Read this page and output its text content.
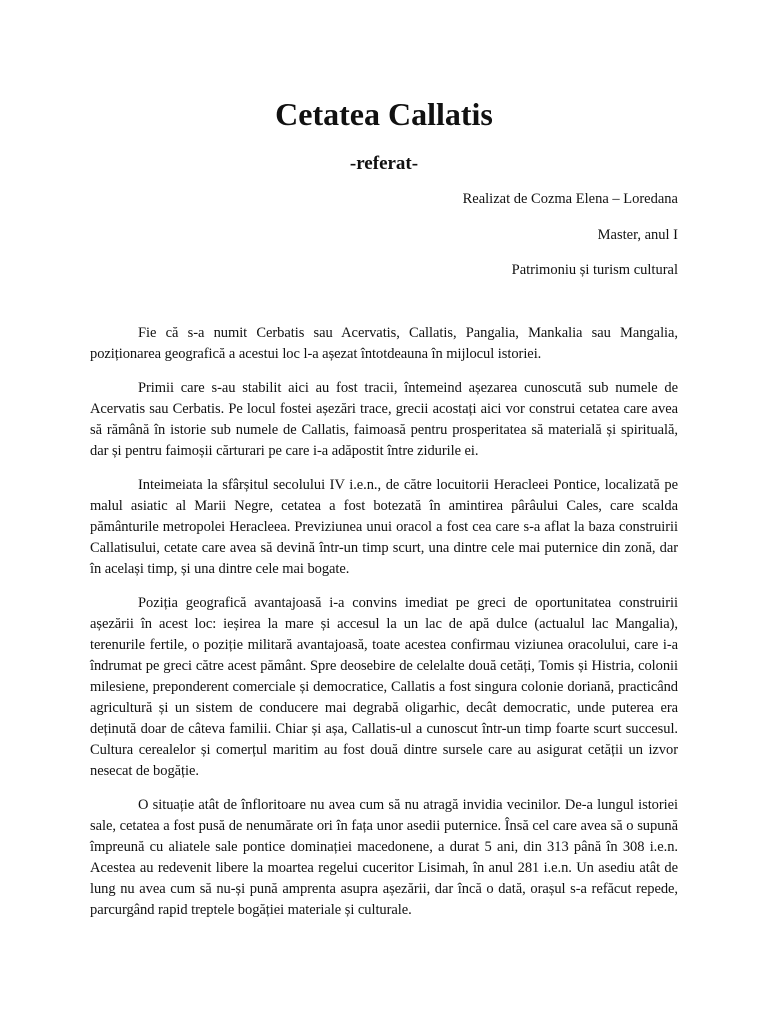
Cetatea Callatis
-referat-
Realizat de Cozma Elena – Loredana
Master, anul I
Patrimoniu și turism cultural

Fie că s-a numit Cerbatis sau Acervatis, Callatis, Pangalia, Mankalia sau Mangalia, poziționarea geografică a acestui loc l-a așezat întotdeauna în mijlocul istoriei.

Primii care s-au stabilit aici au fost tracii, întemeind așezarea cunoscută sub numele de Acervatis sau Cerbatis. Pe locul fostei așezări trace, grecii acostați aici vor construi cetatea care avea să rămână în istorie sub numele de Callatis, faimoasă pentru prosperitatea să materială și spirituală, dar și pentru faimoșii cărturari pe care i-a adăpostit între zidurile ei.

Inteimeiata la sfârșitul secolului IV i.e.n., de către locuitorii Heracleei Pontice, localizată pe malul asiatic al Marii Negre, cetatea a fost botezată în amintirea pârâului Cales, care scalda pământurile metropolei Heracleea. Previziunea unui oracol a fost cea care s-a aflat la baza construirii Callatisului, cetate care avea să devină într-un timp scurt, una dintre cele mai puternice din zonă, dar în același timp, și una dintre cele mai bogate.

Poziția geografică avantajoasă i-a convins imediat pe greci de oportunitatea construirii așezării în acest loc: ieșirea la mare și accesul la un lac de apă dulce (actualul lac Mangalia), terenurile fertile, o poziție militară avantajoasă, toate acestea confirmau viziunea oracolului, care i-a îndrumat pe greci către acest pământ. Spre deosebire de celelalte două cetăți, Tomis și Histria, colonii milesiene, preponderent comerciale și democratice, Callatis a fost singura colonie doriană, practicând agricultură și un sistem de conducere mai degrabă oligarhic, decât democratic, unde puterea era deținută doar de câteva familii. Chiar și așa, Callatis-ul a cunoscut într-un timp foarte scurt succesul. Cultura cerealelor și comerțul maritim au fost două dintre sursele care au asigurat cetății un izvor nesecat de bogăție.

O situație atât de înfloritoare nu avea cum să nu atragă invidia vecinilor. De-a lungul istoriei sale, cetatea a fost pusă de nenumărate ori în fața unor asedii puternice. Însă cel care avea să o supună împreună cu aliatele sale pontice dominației macedonene, a durat 5 ani, din 313 până în 308 i.e.n. Acestea au redevenit libere la moartea regelui cuceritor Lisimah, în anul 281 i.e.n. Un asediu atât de lung nu avea cum să nu-și pună amprenta asupra așezării, dar încă o dată, orașul s-a refăcut repede, parcurgând rapid treptele bogăției materiale și culturale.
